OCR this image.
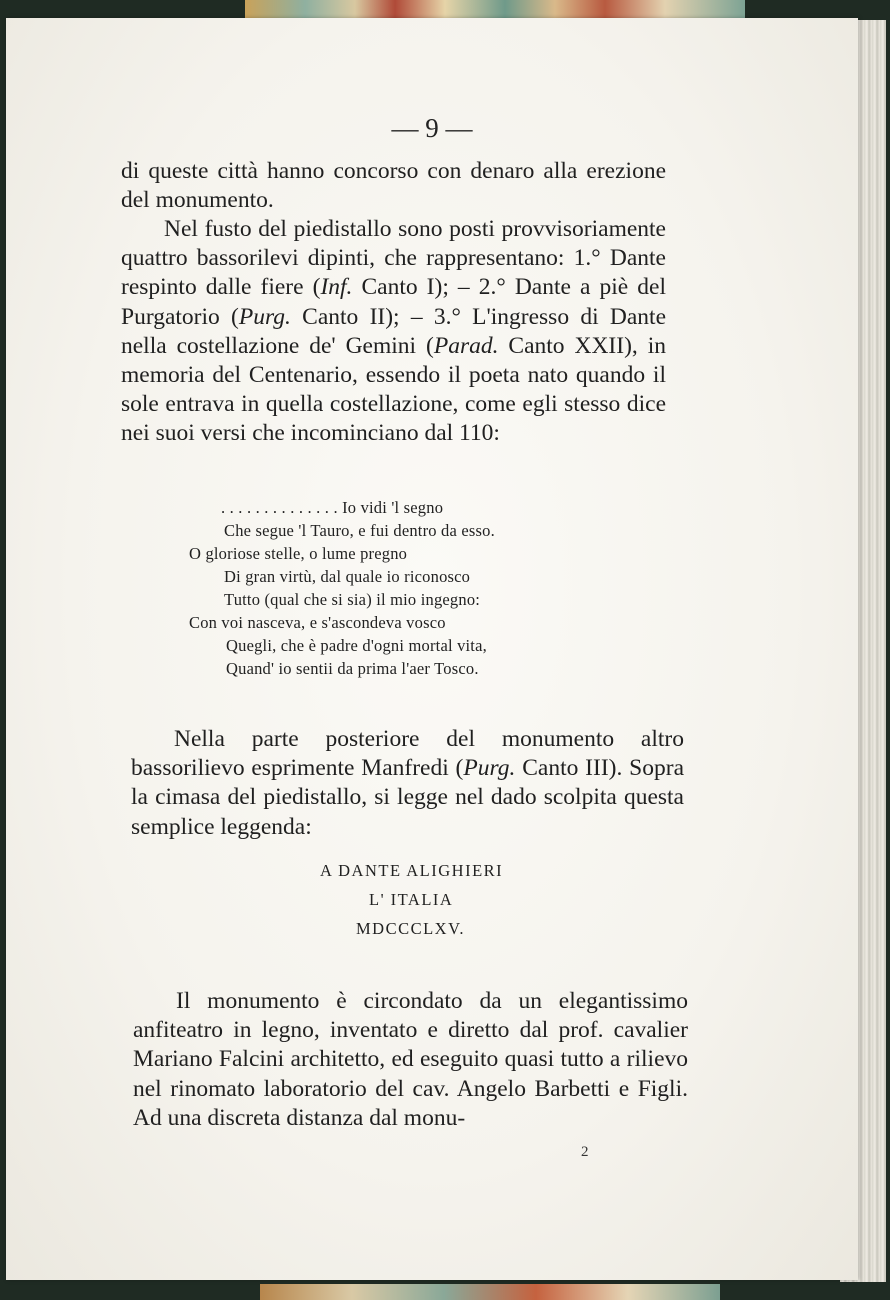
— 9 —

di queste città hanno concorso con denaro alla erezione del monumento.

Nel fusto del piedistallo sono posti provvisoriamente quattro bassorilevi dipinti, che rappresentano: 1.° Dante respinto dalle fiere (Inf. Canto I); – 2.° Dante a piè del Purgatorio (Purg. Canto II); – 3.° L'ingresso di Dante nella costellazione de' Gemini (Parad. Canto XXII), in memoria del Centenario, essendo il poeta nato quando il sole entrava in quella costellazione, come egli stesso dice nei suoi versi che incominciano dal 110:

. . . . . . . . . . . . . . Io vidi 'l segno

Che segue 'l Tauro, e fui dentro da esso.

O gloriose stelle, o lume pregno

Di gran virtù, dal quale io riconosco

Tutto (qual che si sia) il mio ingegno:

Con voi nasceva, e s'ascondeva vosco

Quegli, che è padre d'ogni mortal vita,

Quand' io sentii da prima l'aer Tosco.

Nella parte posteriore del monumento altro bassorilievo esprimente Manfredi (Purg. Canto III). Sopra la cimasa del piedistallo, si legge nel dado scolpita questa semplice leggenda:

A DANTE ALIGHIERI

L' ITALIA

MDCCCLXV.

Il monumento è circondato da un elegantissimo anfiteatro in legno, inventato e diretto dal prof. cavalier Mariano Falcini architetto, ed eseguito quasi tutto a rilievo nel rinomato laboratorio del cav. Angelo Barbetti e Figli. Ad una discreta distanza dal monu-

2
